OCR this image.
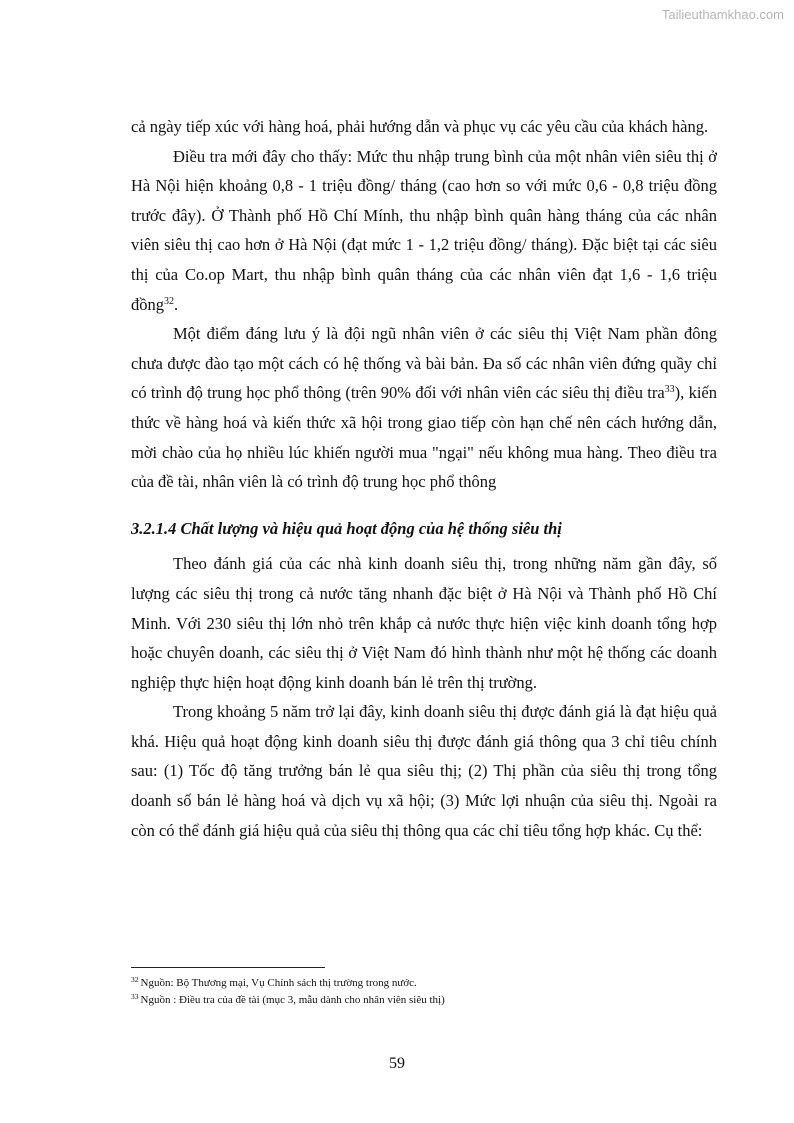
Tailieuthamkhao.com

cả ngày tiếp xúc với hàng hoá, phải hướng dẫn và phục vụ các yêu cầu của khách hàng.

Điều tra mới đây cho thấy: Mức thu nhập trung bình của một nhân viên siêu thị ở Hà Nội hiện khoảng 0,8 - 1 triệu đồng/ tháng (cao hơn so với mức 0,6 - 0,8 triệu đồng trước đây). Ở Thành phố Hồ Chí Mính, thu nhập bình quân hàng tháng của các nhân viên siêu thị cao hơn ở Hà Nội (đạt mức 1 - 1,2 triệu đồng/ tháng). Đặc biệt tại các siêu thị của Co.op Mart, thu nhập bình quân tháng của các nhân viên đạt 1,6 - 1,6 triệu đồng$^{32}$.

Một điểm đáng lưu ý là đội ngũ nhân viên ở các siêu thị Việt Nam phần đông chưa được đào tạo một cách có hệ thống và bài bản. Đa số các nhân viên đứng quầy chỉ có trình độ trung học phổ thông (trên 90% đối với nhân viên các siêu thị điều tra$^{33}$), kiến thức về hàng hoá và kiến thức xã hội trong giao tiếp còn hạn chế nên cách hướng dẫn, mời chào của họ nhiều lúc khiến người mua "ngại" nếu không mua hàng. Theo điều tra của đề tài, nhân viên là có trình độ trung học phổ thông

3.2.1.4 Chất lượng và hiệu quả hoạt động của hệ thống siêu thị

Theo đánh giá của các nhà kinh doanh siêu thị, trong những năm gần đây, số lượng các siêu thị trong cả nước tăng nhanh đặc biệt ở Hà Nội và Thành phố Hồ Chí Minh. Với 230 siêu thị lớn nhỏ trên khắp cả nước thực hiện việc kinh doanh tổng hợp hoặc chuyên doanh, các siêu thị ở Việt Nam đó hình thành như một hệ thống các doanh nghiệp thực hiện hoạt động kinh doanh bán lẻ trên thị trường.

Trong khoảng 5 năm trở lại đây, kinh doanh siêu thị được đánh giá là đạt hiệu quả khá. Hiệu quả hoạt động kinh doanh siêu thị được đánh giá thông qua 3 chỉ tiêu chính sau: (1) Tốc độ tăng trưởng bán lẻ qua siêu thị; (2) Thị phần của siêu thị trong tổng doanh số bán lẻ hàng hoá và dịch vụ xã hội; (3) Mức lợi nhuận của siêu thị. Ngoài ra còn có thể đánh giá hiệu quả của siêu thị thông qua các chỉ tiêu tổng hợp khác. Cụ thể:

$^{32}$ Nguồn: Bộ Thương mại, Vụ Chính sách thị trường trong nước.

$^{33}$ Nguồn : Điều tra của đề tài (mục 3, mẫu dành cho nhân viên siêu thị)

59
